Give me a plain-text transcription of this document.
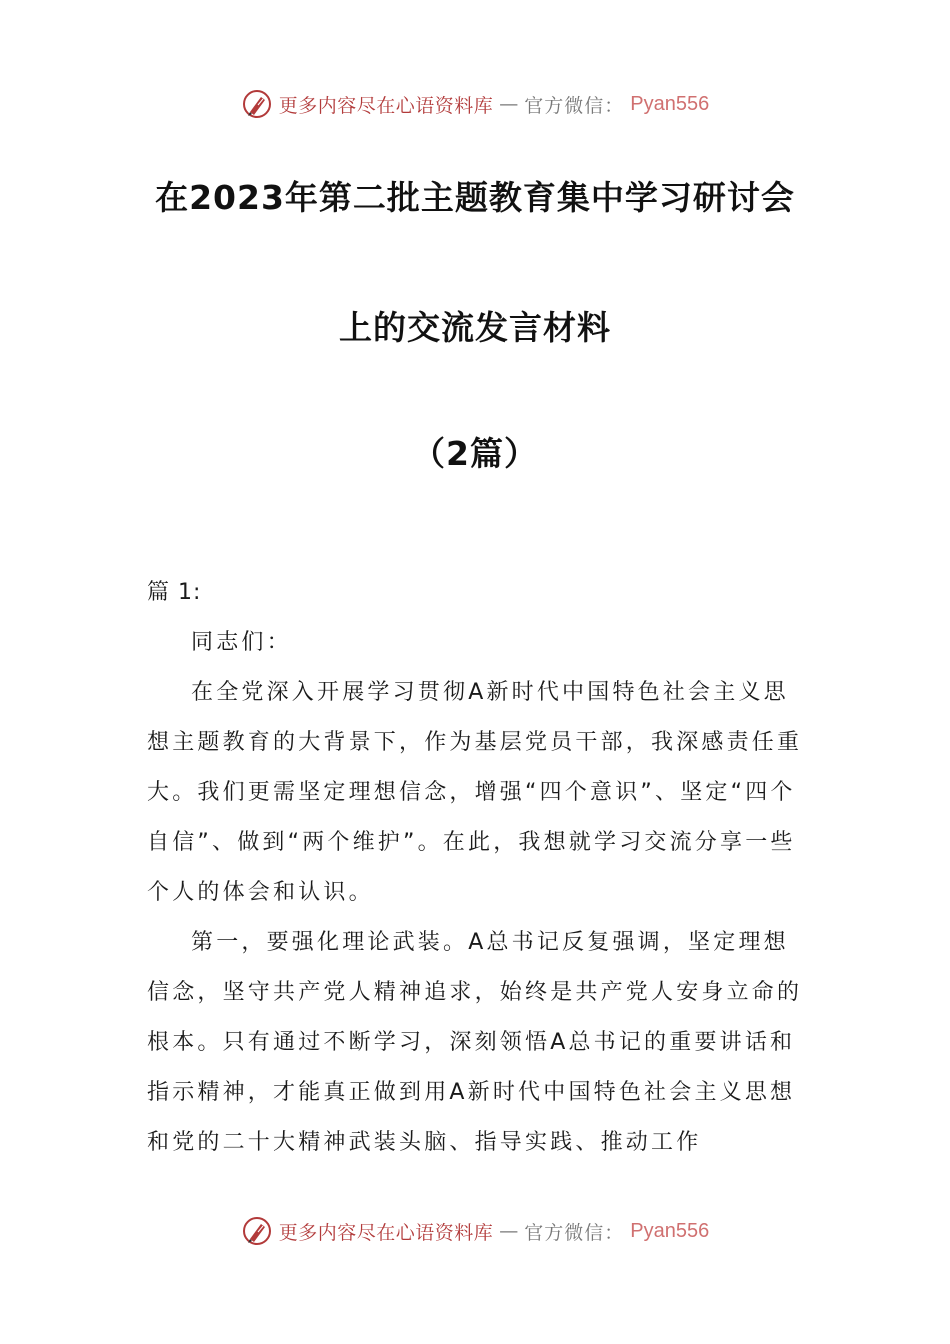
更多内容尽在心语资料库 — 官方微信： Pyan556
在2023年第二批主题教育集中学习研讨会
上的交流发言材料
（2篇）

篇 1:

同志们：

在全党深入开展学习贯彻A新时代中国特色社会主义思想主题教育的大背景下，作为基层党员干部，我深感责任重大。我们更需坚定理想信念，增强“四个意识”、坚定“四个自信”、做到“两个维护”。在此，我想就学习交流分享一些个人的体会和认识。

第一，要强化理论武装。A总书记反复强调，坚定理想信念，坚守共产党人精神追求，始终是共产党人安身立命的根本。只有通过不断学习，深刻领悟A总书记的重要讲话和指示精神，才能真正做到用A新时代中国特色社会主义思想和党的二十大精神武装头脑、指导实践、推动工作

更多内容尽在心语资料库 — 官方微信： Pyan556
